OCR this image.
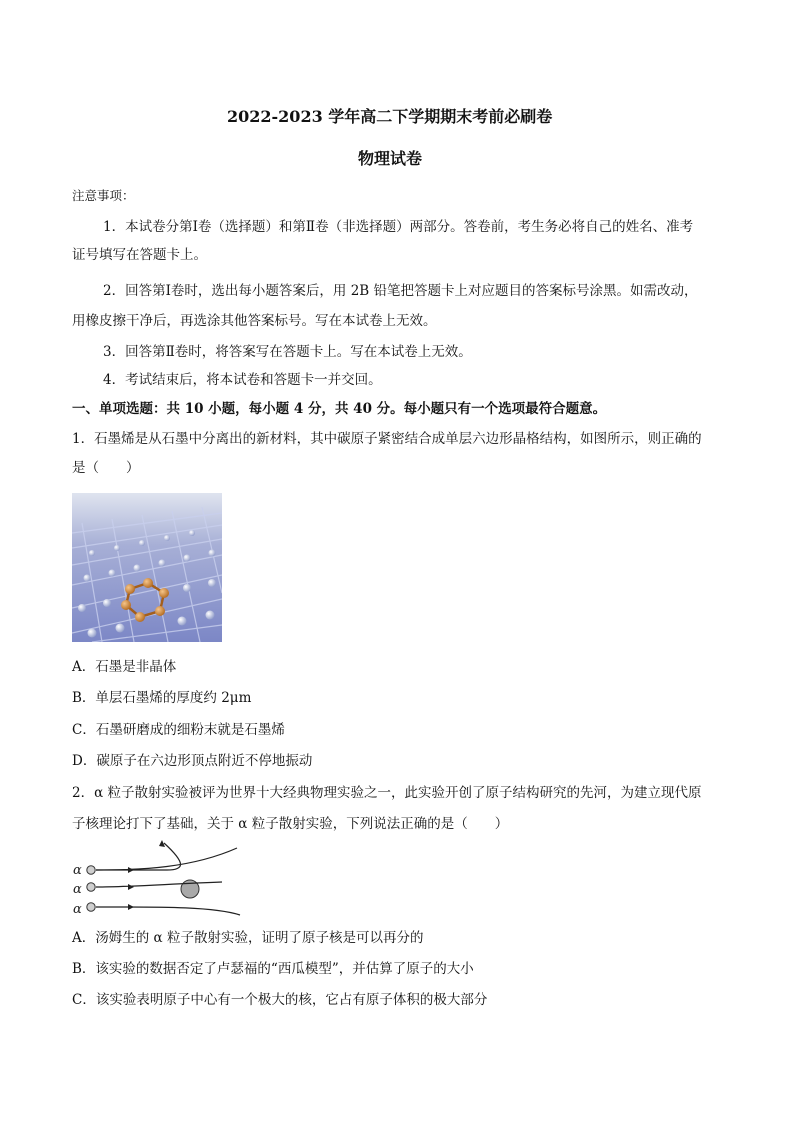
2022-2023 学年高二下学期期末考前必刷卷
物理试卷
注意事项：
1．本试卷分第Ⅰ卷（选择题）和第Ⅱ卷（非选择题）两部分。答卷前，考生务必将自己的姓名、准考
证号填写在答题卡上。
2．回答第Ⅰ卷时，选出每小题答案后，用 2B 铅笔把答题卡上对应题目的答案标号涂黑。如需改动，
用橡皮擦干净后，再选涂其他答案标号。写在本试卷上无效。
3．回答第Ⅱ卷时，将答案写在答题卡上。写在本试卷上无效。
4．考试结束后，将本试卷和答题卡一并交回。
一、单项选题：共 10 小题，每小题 4 分，共 40 分。每小题只有一个选项最符合题意。
1．石墨烯是从石墨中分离出的新材料，其中碳原子紧密结合成单层六边形晶格结构，如图所示，则正确的
是（　　）
A．石墨是非晶体
B．单层石墨烯的厚度约 2μm
C．石墨研磨成的细粉末就是石墨烯
D．碳原子在六边形顶点附近不停地振动
2．α 粒子散射实验被评为世界十大经典物理实验之一，此实验开创了原子结构研究的先河，为建立现代原
子核理论打下了基础，关于 α 粒子散射实验，下列说法正确的是（　　）
α
α
α
A．汤姆生的 α 粒子散射实验，证明了原子核是可以再分的
B．该实验的数据否定了卢瑟福的“西瓜模型”，并估算了原子的大小
C．该实验表明原子中心有一个极大的核，它占有原子体积的极大部分
